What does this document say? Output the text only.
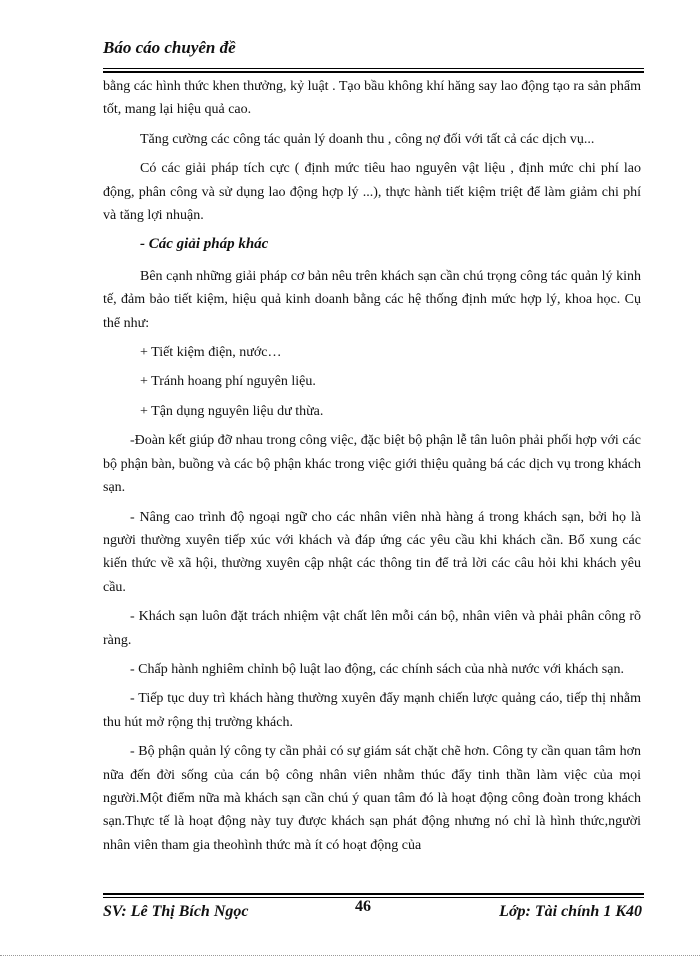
Báo cáo chuyên đề

bằng các hình thức khen thưởng, kỷ luật . Tạo bầu không khí hăng say lao động tạo ra sản phẩm tốt, mang lại hiệu quả cao.

Tăng cường các công tác quản lý doanh thu , công nợ đối với tất cả các dịch vụ...

Có các giải pháp tích cực ( định mức tiêu hao nguyên vật liệu , định mức chi phí lao động, phân công và sử dụng lao động hợp lý ...), thực hành tiết kiệm triệt để làm giảm chi phí và tăng lợi nhuận.

- Các giải pháp khác

Bên cạnh những giải pháp cơ bản nêu trên khách sạn cần chú trọng công tác quản lý kinh tế, đảm bảo tiết kiệm, hiệu quả kinh doanh bằng các hệ thống định mức hợp lý, khoa học. Cụ thể như:

+ Tiết kiệm điện, nước…

+ Tránh hoang phí nguyên liệu.

+ Tận dụng nguyên liệu dư thừa.

-Đoàn kết giúp đỡ nhau trong công việc, đặc biệt bộ phận lễ tân luôn phải phối hợp với các bộ phận bàn, buồng và các bộ phận khác trong việc giới thiệu quảng bá các dịch vụ trong khách sạn.

- Nâng cao trình độ ngoại ngữ cho các nhân viên nhà hàng á trong khách sạn, bởi họ là người thường xuyên tiếp xúc với khách và đáp ứng các yêu cầu khi khách cần. Bổ xung các kiến thức về xã hội, thường xuyên cập nhật các thông tin để trả lời các câu hỏi khi khách yêu cầu.

- Khách sạn luôn đặt trách nhiệm vật chất lên mỗi cán bộ, nhân viên và phải phân công rõ ràng.

- Chấp hành nghiêm chỉnh bộ luật lao động, các chính sách của nhà nước với khách sạn.

- Tiếp tục duy trì khách hàng thường xuyên đẩy mạnh chiến lược quảng cáo, tiếp thị nhằm thu hút mở rộng thị trường khách.

- Bộ phận quản lý công ty cần phải có sự giám sát chặt chẽ hơn. Công ty cần quan tâm hơn nữa đến đời sống của cán bộ công nhân viên nhằm thúc đẩy tinh thần làm việc của mọi người.Một điểm nữa mà khách sạn cần chú ý quan tâm đó là hoạt động công đoàn trong khách sạn.Thực tế là hoạt động này tuy được khách sạn phát động nhưng nó chỉ là hình thức,người nhân viên tham gia theohình thức mà ít có hoạt động của

SV: Lê Thị Bích Ngọc	46	Lớp: Tài chính 1 K40
